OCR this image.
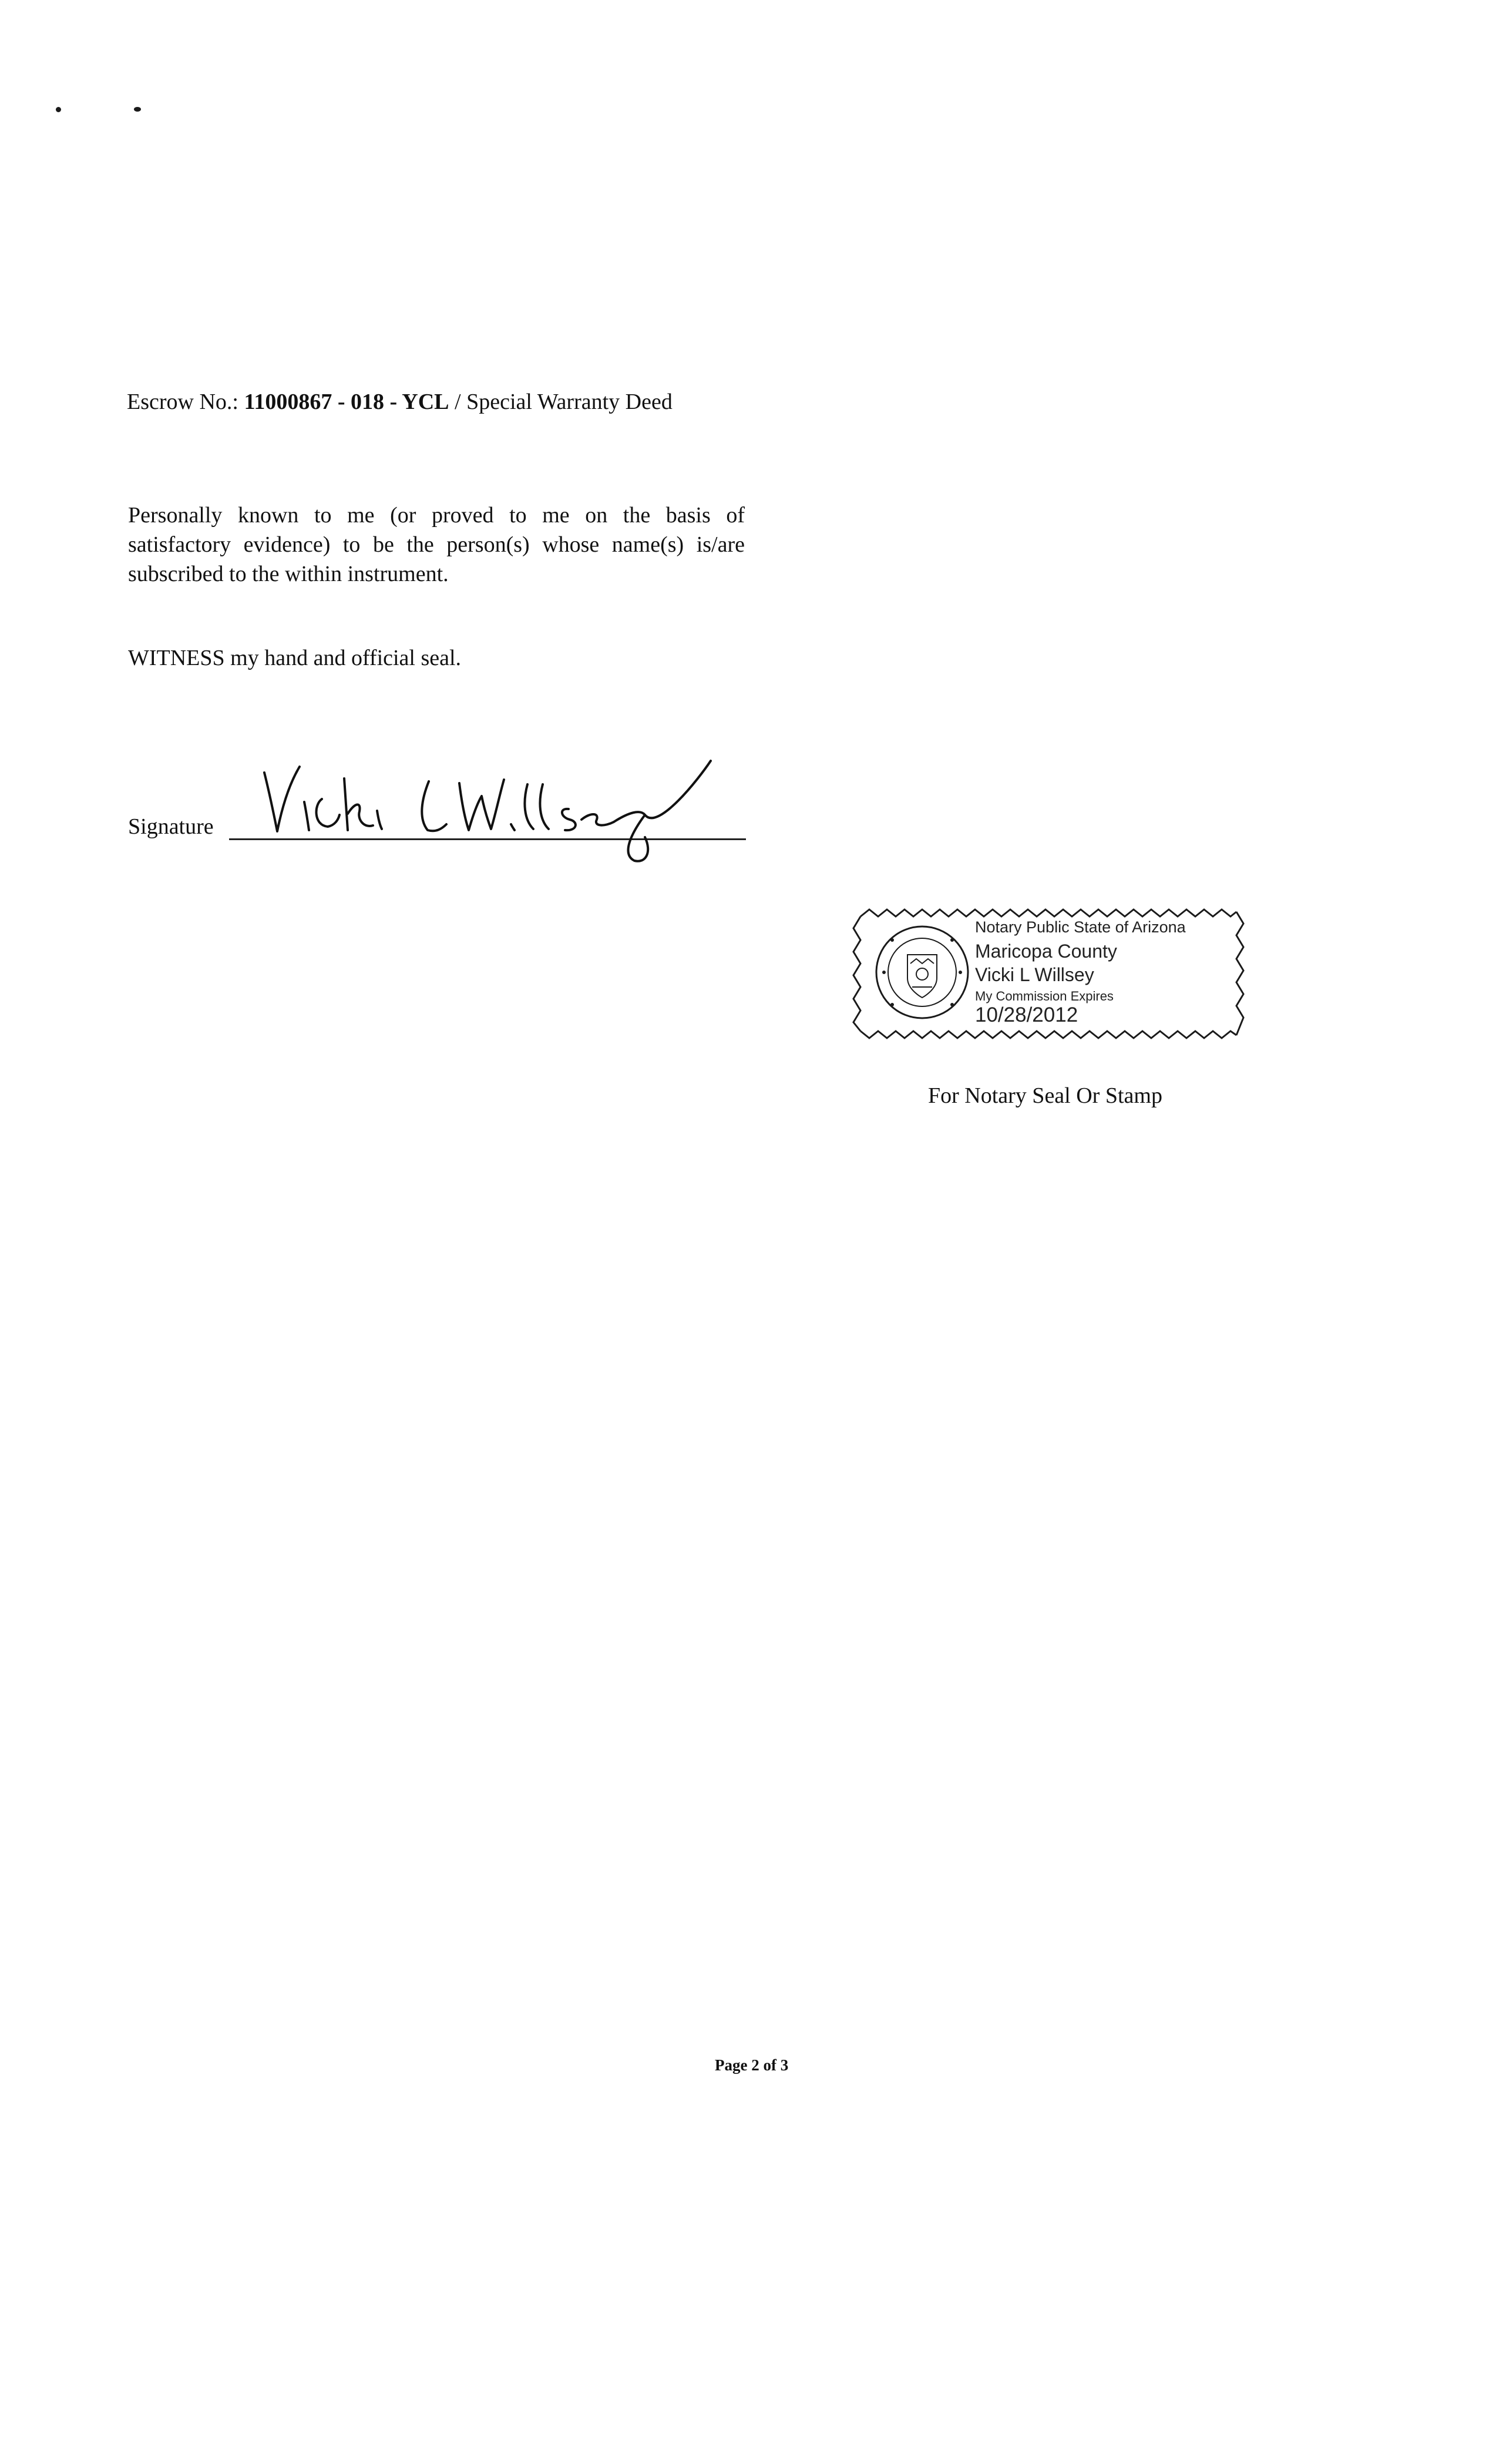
Escrow No.: 11000867 - 018 - YCL / Special Warranty Deed
Personally known to me (or proved to me on the basis of
satisfactory evidence) to be the person(s) whose name(s) is/are
subscribed to the within instrument.
WITNESS my hand and official seal.
Signature
Notary Public State of Arizona
Maricopa County
Vicki L Willsey
My Commission Expires
10/28/2012
For Notary Seal Or Stamp
Page 2 of 3
